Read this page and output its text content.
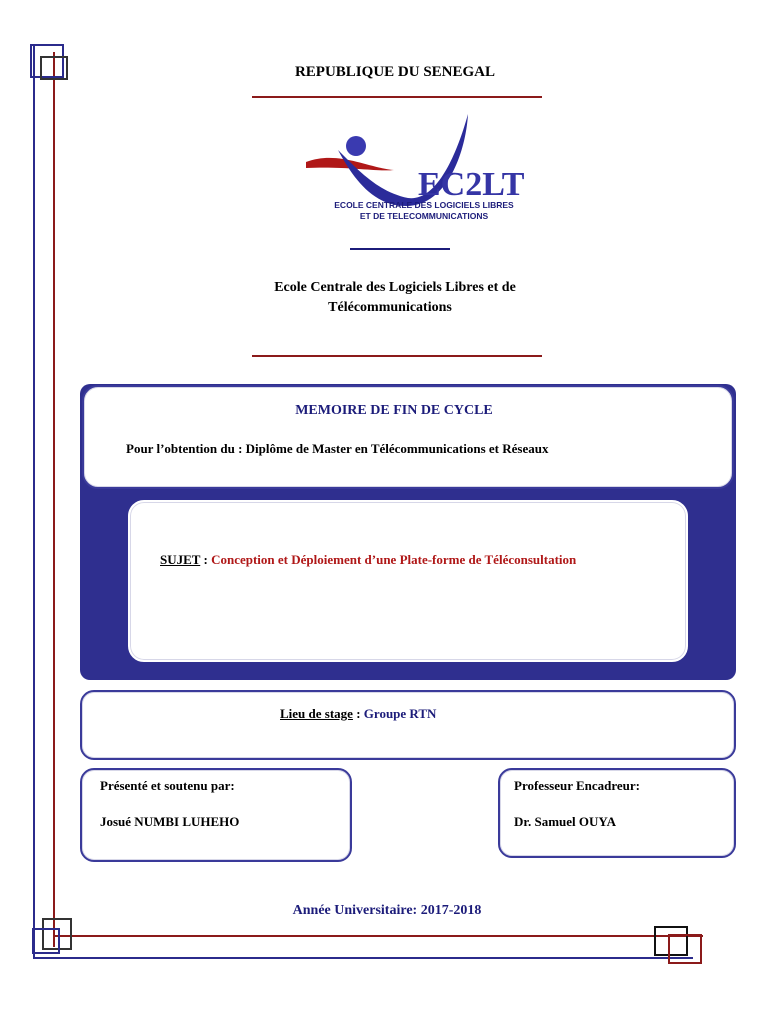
REPUBLIQUE DU SENEGAL
EC2LT
ECOLE CENTRALE DES LOGICIELS LIBRES
ET DE TELECOMMUNICATIONS
Ecole Centrale des Logiciels Libres et de
Télécommunications
MEMOIRE DE FIN DE CYCLE
Pour l’obtention du : Diplôme de Master en Télécommunications et Réseaux
SUJET : Conception et Déploiement d’une Plate-forme de Téléconsultation
Lieu de stage : Groupe RTN
Présenté et soutenu par:
Josué NUMBI LUHEHO
Professeur Encadreur:
Dr. Samuel OUYA
Année Universitaire: 2017-2018
